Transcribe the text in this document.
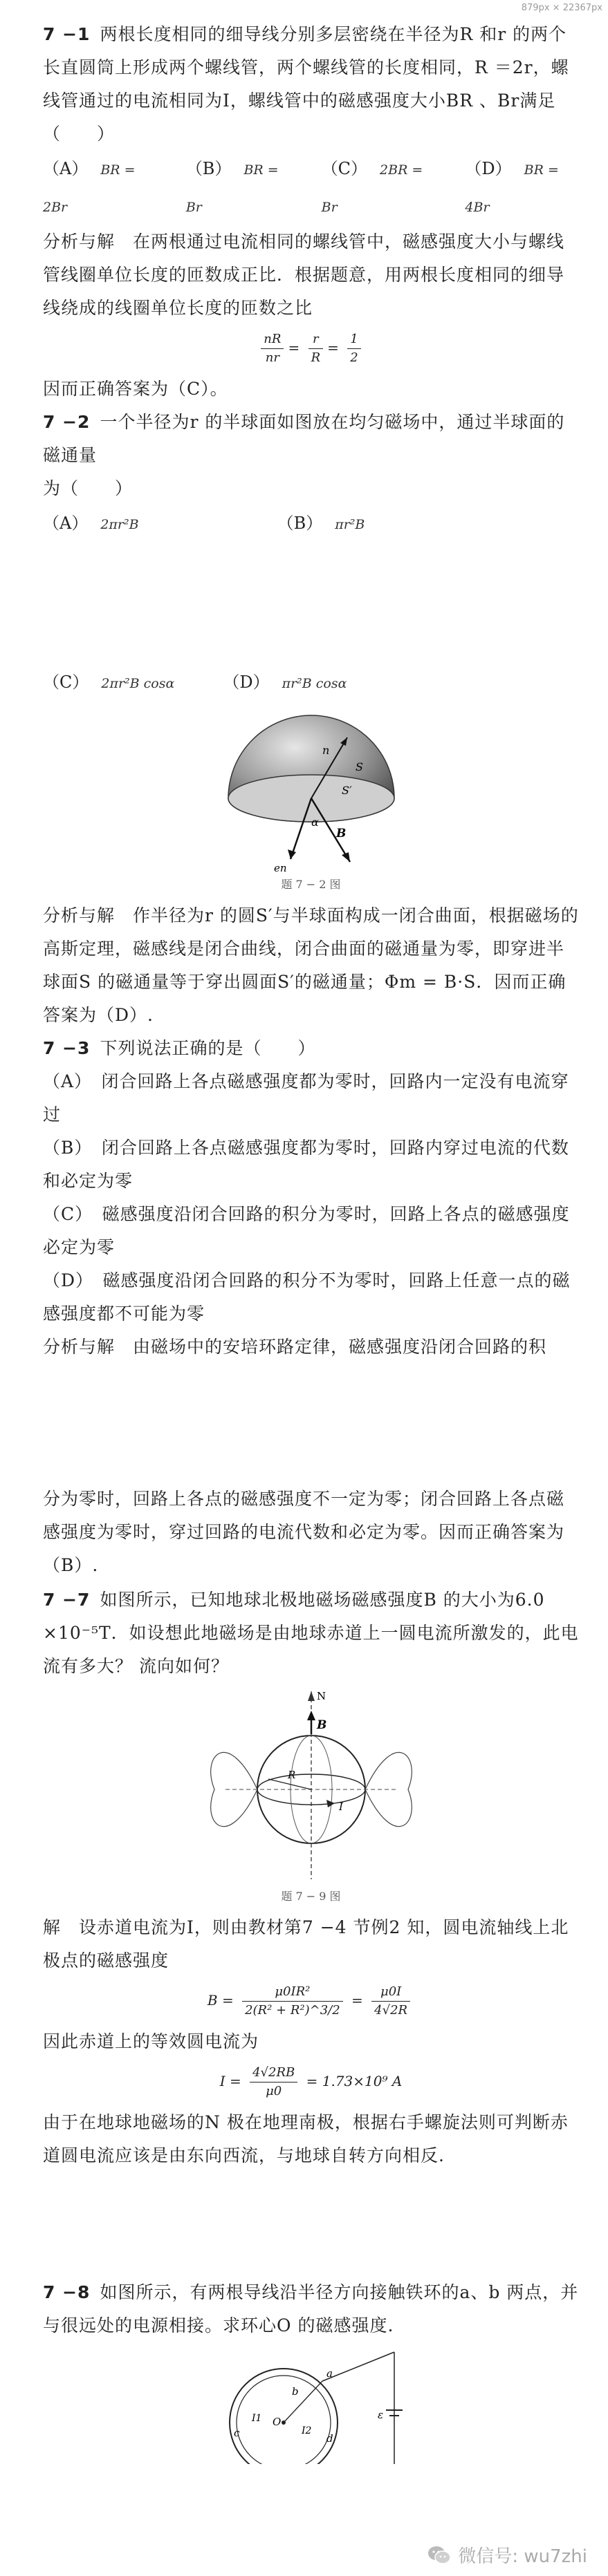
879px × 22367px

7 −1 两根长度相同的细导线分别多层密绕在半径为R 和r 的两个长直圆筒上形成两个螺线管，两个螺线管的长度相同，R ＝2r，螺线管通过的电流相同为I，螺线管中的磁感强度大小BR 、Br满足（　　）

（A） BR = 2Br
（B） BR = Br
（C） 2BR = Br
（D） BR = 4Br

分析与解　在两根通过电流相同的螺线管中，磁感强度大小与螺线管线圈单位长度的匝数成正比．根据题意，用两根长度相同的细导线绕成的线圈单位长度的匝数之比

$\frac{nR}{nr} = \frac{r}{R} = \frac{1}{2}$

因而正确答案为（C）。

7 −2 一个半径为r 的半球面如图放在均匀磁场中，通过半球面的磁通量

为（　　）

（A） 2πr²B	（B） πr²B
（C） 2πr²B cosα	（D） πr²B cosα
S
S′
n
α
B
en
题 7 − 2 图

分析与解　作半径为r 的圆S′与半球面构成一闭合曲面，根据磁场的高斯定理，磁感线是闭合曲线，闭合曲面的磁通量为零，即穿进半球面S 的磁通量等于穿出圆面S′的磁通量；Φm = B·S．因而正确答案为（D）.

7 −3 下列说法正确的是（　　）

（A）　闭合回路上各点磁感强度都为零时，回路内一定没有电流穿过

（B）　闭合回路上各点磁感强度都为零时，回路内穿过电流的代数和必定为零

（C）　磁感强度沿闭合回路的积分为零时，回路上各点的磁感强度必定为零

（D）　磁感强度沿闭合回路的积分不为零时，回路上任意一点的磁感强度都不可能为零

分析与解　由磁场中的安培环路定律，磁感强度沿闭合回路的积

分为零时，回路上各点的磁感强度不一定为零；闭合回路上各点磁感强度为零时，穿过回路的电流代数和必定为零。因而正确答案为（B）.

7 −7 如图所示，已知地球北极地磁场磁感强度B 的大小为6.0 ×10⁻⁵T．如设想此地磁场是由地球赤道上一圆电流所激发的，此电流有多大？ 流向如何？

N
B
R
I
题 7 − 9 图

解　设赤道电流为I，则由教材第7 −4 节例2 知，圆电流轴线上北极点的磁感强度

$B = \frac{\text{μ0IR²}}{\text{2(R² + R²)\textasciicircum{}3/2}} = \frac{\mu 0I}{4√2R}$

因此赤道上的等效圆电流为

$I = \frac{4√2RB}{\mu 0} = 1.73\times 10^9$ A

由于在地球地磁场的N 极在地理南极，根据右手螺旋法则可判断赤道圆电流应该是由东向西流，与地球自转方向相反.

7 −8 如图所示，有两根导线沿半径方向接触铁环的a、b 两点，并与很远处的电源相接。求环心O 的磁感强度.

ε
O
a
c	d
I1
I2
b
微信号: wu7zhi
